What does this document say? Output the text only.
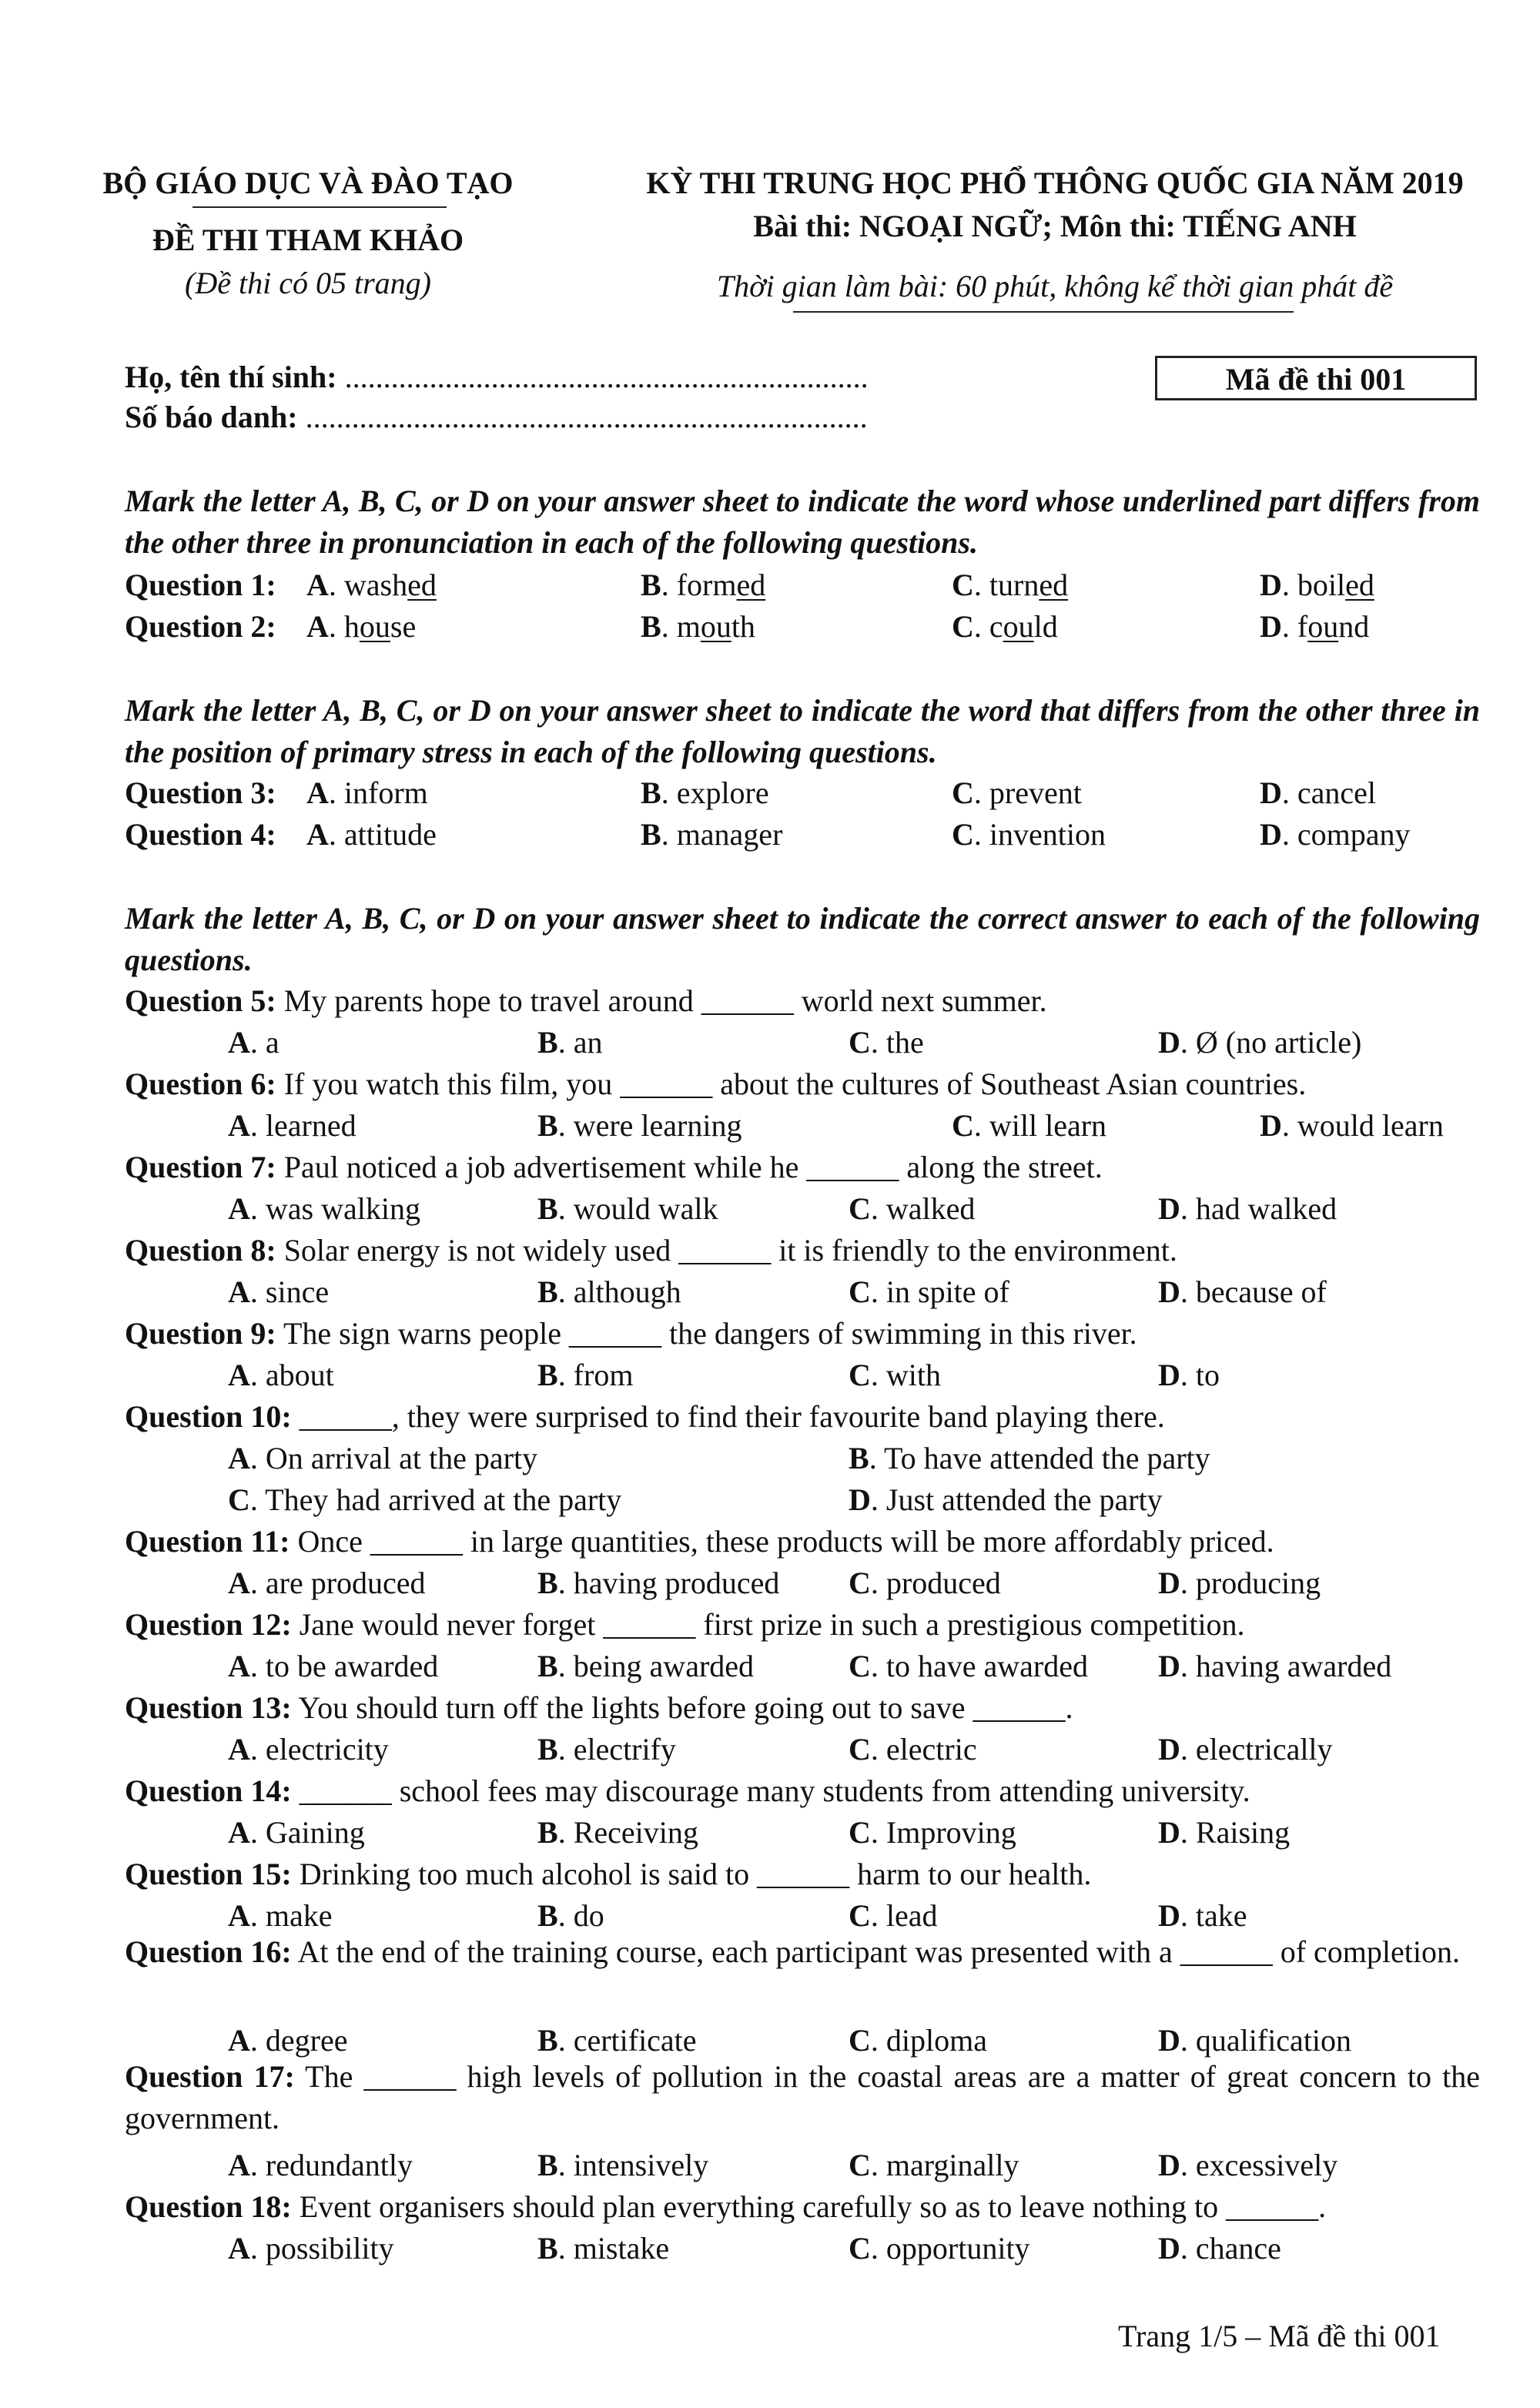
BỘ GIÁO DỤC VÀ ĐÀO TẠO
ĐỀ THI THAM KHẢO
(Đề thi có 05 trang)
KỲ THI TRUNG HỌC PHỔ THÔNG QUỐC GIA NĂM 2019
Bài thi: NGOẠI NGỮ; Môn thi: TIẾNG ANH
Thời gian làm bài: 60 phút, không kể thời gian phát đề
Họ, tên thí sinh: ....................................................................
Số báo danh: .........................................................................
Mã đề thi 001
Mark the letter A, B, C, or D on your answer sheet to indicate the word whose underlined part differs from the other three in pronunciation in each of the following questions.
Question 1: A. washed	B. formed	C. turned	D. boiled
Question 2: A. house	B. mouth	C. could	D. found
Mark the letter A, B, C, or D on your answer sheet to indicate the word that differs from the other three in the position of primary stress in each of the following questions.
Question 3: A. inform	B. explore	C. prevent	D. cancel
Question 4: A. attitude	B. manager	C. invention	D. company
Mark the letter A, B, C, or D on your answer sheet to indicate the correct answer to each of the following questions.
Question 5: My parents hope to travel around ______ world next summer.
A. a	B. an	C. the	D. Ø (no article)
Question 6: If you watch this film, you ______ about the cultures of Southeast Asian countries.
A. learned	B. were learning	C. will learn	D. would learn
Question 7: Paul noticed a job advertisement while he ______ along the street.
A. was walking	B. would walk	C. walked	D. had walked
Question 8: Solar energy is not widely used ______ it is friendly to the environment.
A. since	B. although	C. in spite of	D. because of
Question 9: The sign warns people ______ the dangers of swimming in this river.
A. about	B. from	C. with	D. to
Question 10: ______, they were surprised to find their favourite band playing there.
A. On arrival at the party	B. To have attended the party
C. They had arrived at the party	D. Just attended the party
Question 11: Once ______ in large quantities, these products will be more affordably priced.
A. are produced	B. having produced C. produced	D. producing
Question 12: Jane would never forget ______ first prize in such a prestigious competition.
A. to be awarded	B. being awarded	C. to have awarded D. having awarded
Question 13: You should turn off the lights before going out to save ______.
A. electricity	B. electrify	C. electric	D. electrically
Question 14: ______ school fees may discourage many students from attending university.
A. Gaining	B. Receiving	C. Improving	D. Raising
Question 15: Drinking too much alcohol is said to ______ harm to our health.
A. make	B. do	C. lead	D. take
Question 16: At the end of the training course, each participant was presented with a ______ of completion.
A. degree	B. certificate	C. diploma	D. qualification
Question 17: The ______ high levels of pollution in the coastal areas are a matter of great concern to the government.
A. redundantly	B. intensively	C. marginally	D. excessively
Question 18: Event organisers should plan everything carefully so as to leave nothing to ______.
A. possibility	B. mistake	C. opportunity	D. chance
Trang 1/5 – Mã đề thi 001
